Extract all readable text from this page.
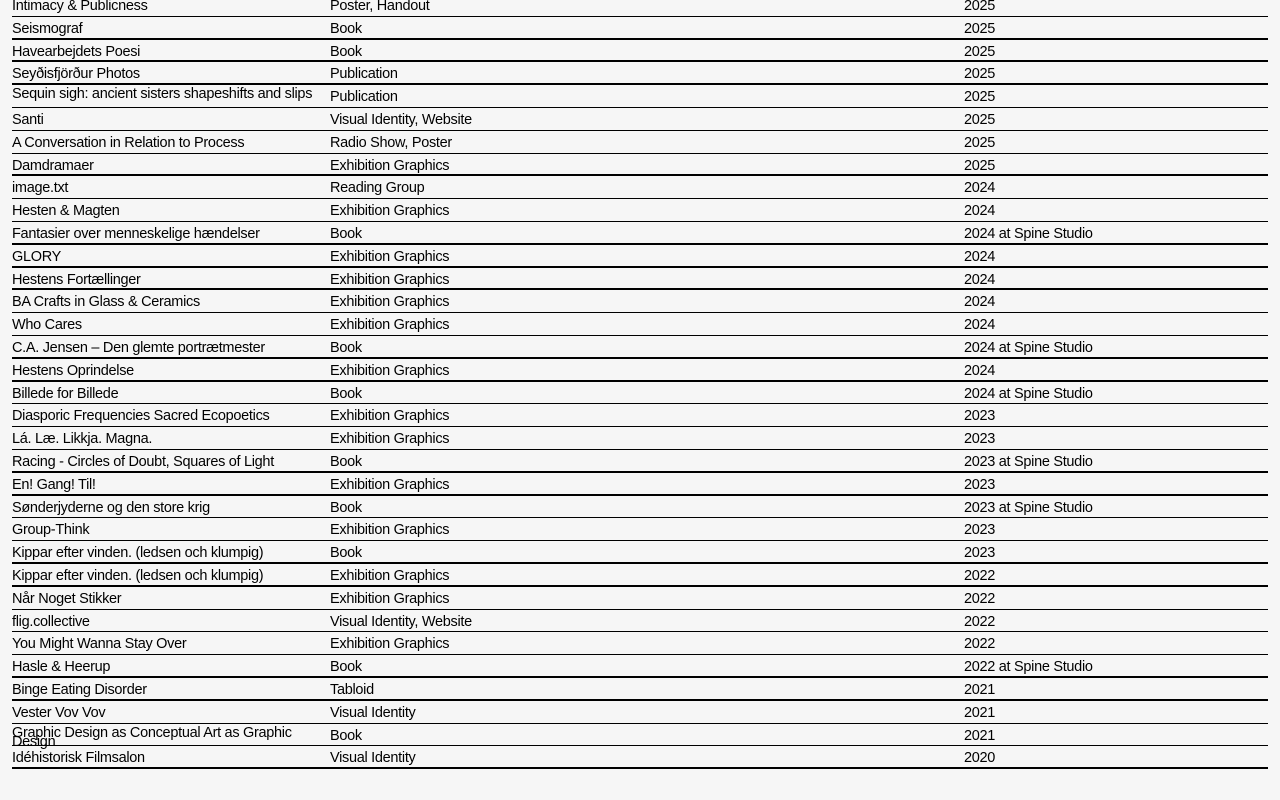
Intimacy & Publicness	Poster, Handout	2025
Seismograf	Book	2025
Havearbejdets Poesi	Book	2025
Seyðisfjörður Photos	Publication	2025
Sequin sigh: ancient sisters shapeshifts and slips	Publication	2025
Santi	Visual Identity, Website	2025
A Conversation in Relation to Process	Radio Show, Poster	2025
Damdramaer	Exhibition Graphics	2025
image.txt	Reading Group	2024
Hesten & Magten	Exhibition Graphics	2024
Fantasier over menneskelige hændelser	Book	2024 at Spine Studio
GLORY	Exhibition Graphics	2024
Hestens Fortællinger	Exhibition Graphics	2024
BA Crafts in Glass & Ceramics	Exhibition Graphics	2024
Who Cares	Exhibition Graphics	2024
C.A. Jensen – Den glemte portrætmester	Book	2024 at Spine Studio
Hestens Oprindelse	Exhibition Graphics	2024
Billede for Billede	Book	2024 at Spine Studio
Diasporic Frequencies Sacred Ecopoetics	Exhibition Graphics	2023
Lá. Læ. Likkja. Magna.	Exhibition Graphics	2023
Racing - Circles of Doubt, Squares of Light	Book	2023 at Spine Studio
En! Gang! Til!	Exhibition Graphics	2023
Sønderjyderne og den store krig	Book	2023 at Spine Studio
Group-Think	Exhibition Graphics	2023
Kippar efter vinden. (ledsen och klumpig)	Book	2023
Kippar efter vinden. (ledsen och klumpig)	Exhibition Graphics	2022
Når Noget Stikker	Exhibition Graphics	2022
flig.collective	Visual Identity, Website	2022
You Might Wanna Stay Over	Exhibition Graphics	2022
Hasle & Heerup	Book	2022 at Spine Studio
Binge Eating Disorder	Tabloid	2021
Vester Vov Vov	Visual Identity	2021
Graphic Design as Conceptual Art as Graphic Design	Book	2021
Idéhistorisk Filmsalon	Visual Identity	2020
